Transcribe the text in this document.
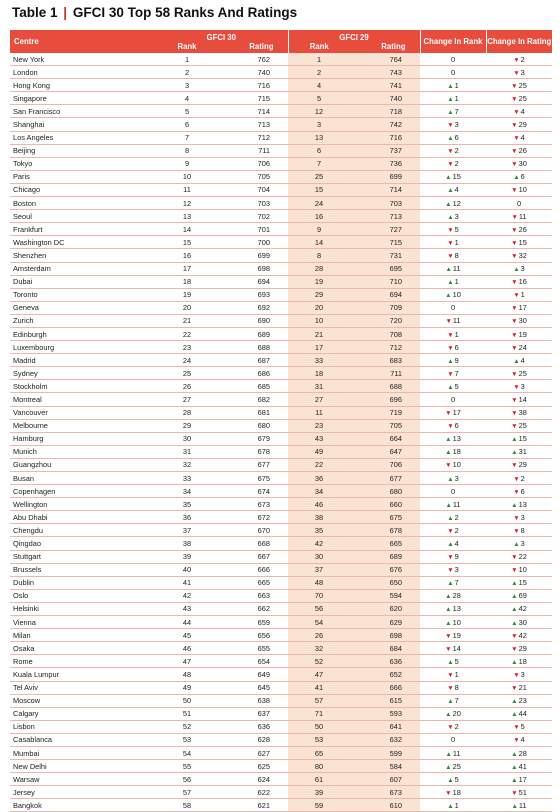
Table 1 | GFCI 30 Top 58 Ranks And Ratings
Centre	GFCI 30		GFCI 29		Change In Rank	Change In Rating
	Rank	Rating	Rank	Rating		
New York	1	762	1	764	0	▼2
London	2	740	2	743	0	▼3
Hong Kong	3	716	4	741	▲1	▼25
Singapore	4	715	5	740	▲1	▼25
San Francisco	5	714	12	718	▲7	▼4
Shanghai	6	713	3	742	▼3	▼29
Los Angeles	7	712	13	716	▲6	▼4
Beijing	8	711	6	737	▼2	▼26
Tokyo	9	706	7	736	▼2	▼30
Paris	10	705	25	699	▲15	▲6
Chicago	11	704	15	714	▲4	▼10
Boston	12	703	24	703	▲12	0
Seoul	13	702	16	713	▲3	▼11
Frankfurt	14	701	9	727	▼5	▼26
Washington DC	15	700	14	715	▼1	▼15
Shenzhen	16	699	8	731	▼8	▼32
Amsterdam	17	698	28	695	▲11	▲3
Dubai	18	694	19	710	▲1	▼16
Toronto	19	693	29	694	▲10	▼1
Geneva	20	692	20	709	0	▼17
Zurich	21	690	10	720	▼11	▼30
Edinburgh	22	689	21	708	▼1	▼19
Luxembourg	23	688	17	712	▼6	▼24
Madrid	24	687	33	683	▲9	▲4
Sydney	25	686	18	711	▼7	▼25
Stockholm	26	685	31	688	▲5	▼3
Montreal	27	682	27	696	0	▼14
Vancouver	28	681	11	719	▼17	▼38
Melbourne	29	680	23	705	▼6	▼25
Hamburg	30	679	43	664	▲13	▲15
Munich	31	678	49	647	▲18	▲31
Guangzhou	32	677	22	706	▼10	▼29
Busan	33	675	36	677	▲3	▼2
Copenhagen	34	674	34	680	0	▼6
Wellington	35	673	46	660	▲11	▲13
Abu Dhabi	36	672	38	675	▲2	▼3
Chengdu	37	670	35	678	▼2	▼8
Qingdao	38	668	42	665	▲4	▲3
Stuttgart	39	667	30	689	▼9	▼22
Brussels	40	666	37	676	▼3	▼10
Dublin	41	665	48	650	▲7	▲15
Oslo	42	663	70	594	▲28	▲69
Helsinki	43	662	56	620	▲13	▲42
Vienna	44	659	54	629	▲10	▲30
Milan	45	656	26	698	▼19	▼42
Osaka	46	655	32	684	▼14	▼29
Rome	47	654	52	636	▲5	▲18
Kuala Lumpur	48	649	47	652	▼1	▼3
Tel Aviv	49	645	41	666	▼8	▼21
Moscow	50	638	57	615	▲7	▲23
Calgary	51	637	71	593	▲20	▲44
Lisbon	52	636	50	641	▼2	▼5
Casablanca	53	628	53	632	0	▼4
Mumbai	54	627	65	599	▲11	▲28
New Delhi	55	625	80	584	▲25	▲41
Warsaw	56	624	61	607	▲5	▲17
Jersey	57	622	39	673	▼18	▼51
Bangkok	58	621	59	610	▲1	▲11
